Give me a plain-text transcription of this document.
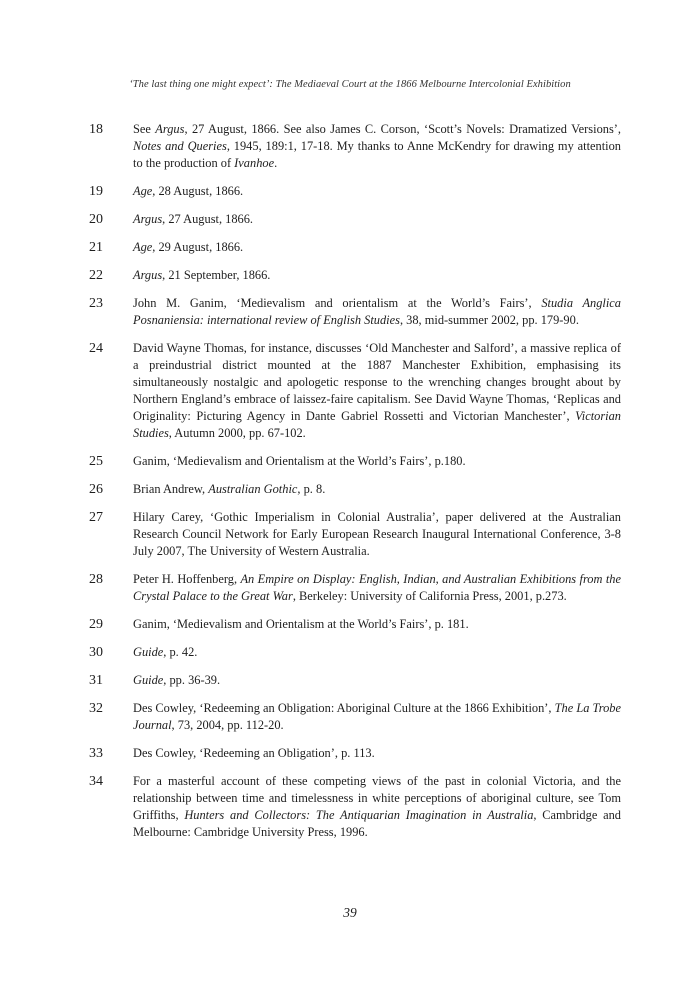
‘The last thing one might expect’: The Mediaeval Court at the 1866 Melbourne Intercolonial Exhibition
18	See Argus, 27 August, 1866. See also James C. Corson, ‘Scott’s Novels: Dramatized Versions’, Notes and Queries, 1945, 189:1, 17-18. My thanks to Anne McKendry for drawing my attention to the production of Ivanhoe.
19	Age, 28 August, 1866.
20	Argus, 27 August, 1866.
21	Age, 29 August, 1866.
22	Argus, 21 September, 1866.
23	John M. Ganim, ‘Medievalism and orientalism at the World’s Fairs’, Studia Anglica Posnaniensia: international review of English Studies, 38, mid-summer 2002, pp. 179-90.
24	David Wayne Thomas, for instance, discusses ‘Old Manchester and Salford’, a massive replica of a preindustrial district mounted at the 1887 Manchester Exhibition, emphasising its simultaneously nostalgic and apologetic response to the wrenching changes brought about by Northern England’s embrace of laissez-faire capitalism. See David Wayne Thomas, ‘Replicas and Originality: Picturing Agency in Dante Gabriel Rossetti and Victorian Manchester’, Victorian Studies, Autumn 2000, pp. 67-102.
25	Ganim, ‘Medievalism and Orientalism at the World’s Fairs’, p.180.
26	Brian Andrew, Australian Gothic, p. 8.
27	Hilary Carey, ‘Gothic Imperialism in Colonial Australia’, paper delivered at the Australian Research Council Network for Early European Research Inaugural International Conference, 3-8 July 2007, The University of Western Australia.
28	Peter H. Hoffenberg, An Empire on Display: English, Indian, and Australian Exhibitions from the Crystal Palace to the Great War, Berkeley: University of California Press, 2001, p.273.
29	Ganim, ‘Medievalism and Orientalism at the World’s Fairs’, p. 181.
30	Guide, p. 42.
31	Guide, pp. 36-39.
32	Des Cowley, ‘Redeeming an Obligation: Aboriginal Culture at the 1866 Exhibition’, The La Trobe Journal, 73, 2004, pp. 112-20.
33	Des Cowley, ‘Redeeming an Obligation’, p. 113.
34	For a masterful account of these competing views of the past in colonial Victoria, and the relationship between time and timelessness in white perceptions of aboriginal culture, see Tom Griffiths, Hunters and Collectors: The Antiquarian Imagination in Australia, Cambridge and Melbourne: Cambridge University Press, 1996.
39
